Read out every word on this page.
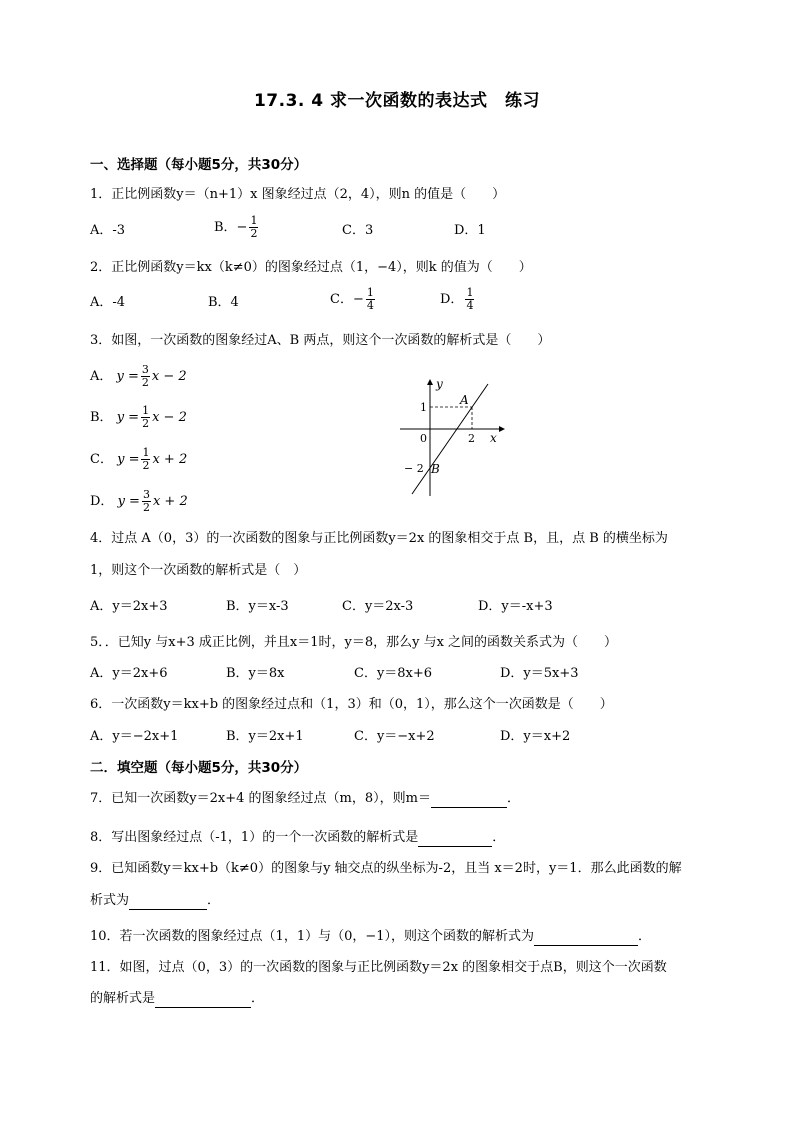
17.3. 4 求一次函数的表达式　练习
一、选择题（每小题5分，共30分）
1．正比例函数y＝（n+1）x 图象经过点（2，4），则n 的值是（　　）
A．-3	B．− $\frac{1}{2}$	C．3	D．1
2．正比例函数y＝kx（k≠0）的图象经过点（1，−4），则k 的值为（　　）
A．-4	B．4	C．− $\frac{1}{4}$	D． $\frac{1}{4}$
3．如图，一次函数的图象经过A、B 两点，则这个一次函数的解析式是（　　）
A． $y = \frac{3}{2}$ x − 2
B． $y = \frac{1}{2}$ x − 2
C． $y = \frac{1}{2}$ x + 2
D． $y = \frac{3}{2}$ x + 2
y
x
0	2
1
− 2
A
B
4．过点 A（0，3）的一次函数的图象与正比例函数y＝2x 的图象相交于点 B，且，点 B 的横坐标为
1，则这个一次函数的解析式是（　）
A．y＝2x+3	B．y＝x-3	C．y＝2x-3	D．y＝-x+3
5．．已知y 与x+3 成正比例，并且x＝1时，y＝8，那么y 与x 之间的函数关系式为（　　）
A．y＝2x+6	B．y＝8x	C．y＝8x+6	D．y＝5x+3
6．一次函数y＝kx+b 的图象经过点和（1，3）和（0，1），那么这个一次函数是（　　）
A．y＝−2x+1	B．y＝2x+1	C．y＝−x+2	D．y＝x+2
二．填空题（每小题5分，共30分）
7．已知一次函数y＝2x+4 的图象经过点（m，8），则m＝	．
8．写出图象经过点（-1，1）的一个一次函数的解析式是	．
9．已知函数y＝kx+b（k≠0）的图象与y 轴交点的纵坐标为-2，且当 x＝2时，y＝1．那么此函数的解
析式为	．
10．若一次函数的图象经过点（1，1）与（0，−1），则这个函数的解析式为	．
11．如图，过点（0，3）的一次函数的图象与正比例函数y＝2x 的图象相交于点B，则这个一次函数
的解析式是	．
